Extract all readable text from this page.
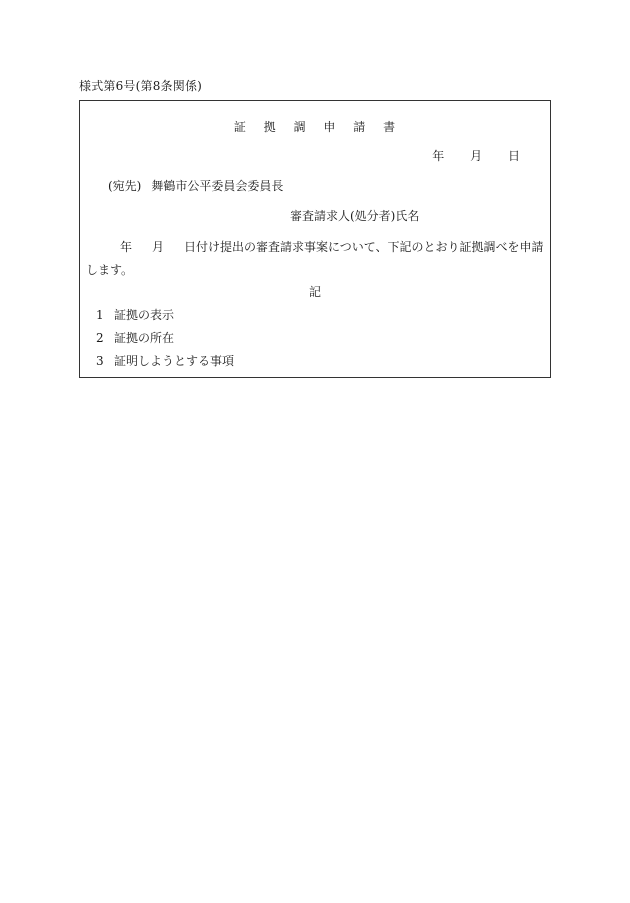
様式第6号(第8条関係)
証 拠 調 申 請 書
年 月 日
(宛先) 舞鶴市公平委員会委員長
審査請求人(処分者)氏名
年 月 日付け提出の審査請求事案について、下記のとおり証拠調べを申請します。
記
1 証拠の表示
2 証拠の所在
3 証明しようとする事項
